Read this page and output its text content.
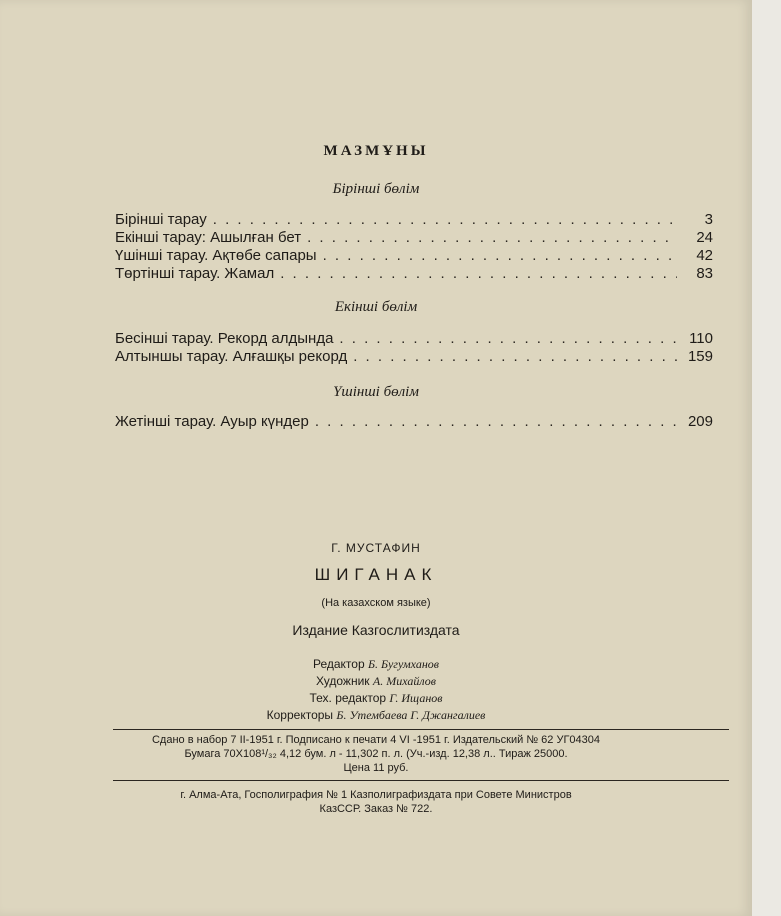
МАЗМҰНЫ
Бірінші бөлім
Бірінші тарау . . .	3
Екінші тарау: Ашылған бет . . .	24
Үшінші тарау. Ақтөбе сапары . . .	42
Төртінші тарау. Жамал . . .	83
Екінші бөлім
Бесінші тарау. Рекорд алдында . . .	110
Алтыншы тарау. Алғашқы рекорд . . .	159
Үшінші бөлім
Жетінші тарау. Ауыр күндер . . .	209
Г. МУСТАФИН
ШИГАНАК
(На казахском языке)
Издание Казгослитиздата
Редактор Б. Бугумханов
Художник А. Михайлов
Тех. редактор Г. Ищанов
Корректоры Б. Утембаева Г. Джангалиев
Сдано в набор 7 II-1951 г. Подписано к печати 4 VI -1951 г. Издательский № 62 УГ04304
Бумага 70X108¹/₃₂ 4,12 бум. л - 11,302 п. л. (Уч.-изд. 12,38 л.. Тираж 25000.
Цена 11 руб.
г. Алма-Ата, Госполиграфия № 1 Казполиграфиздата при Совете Министров
КазССР. Заказ № 722.
